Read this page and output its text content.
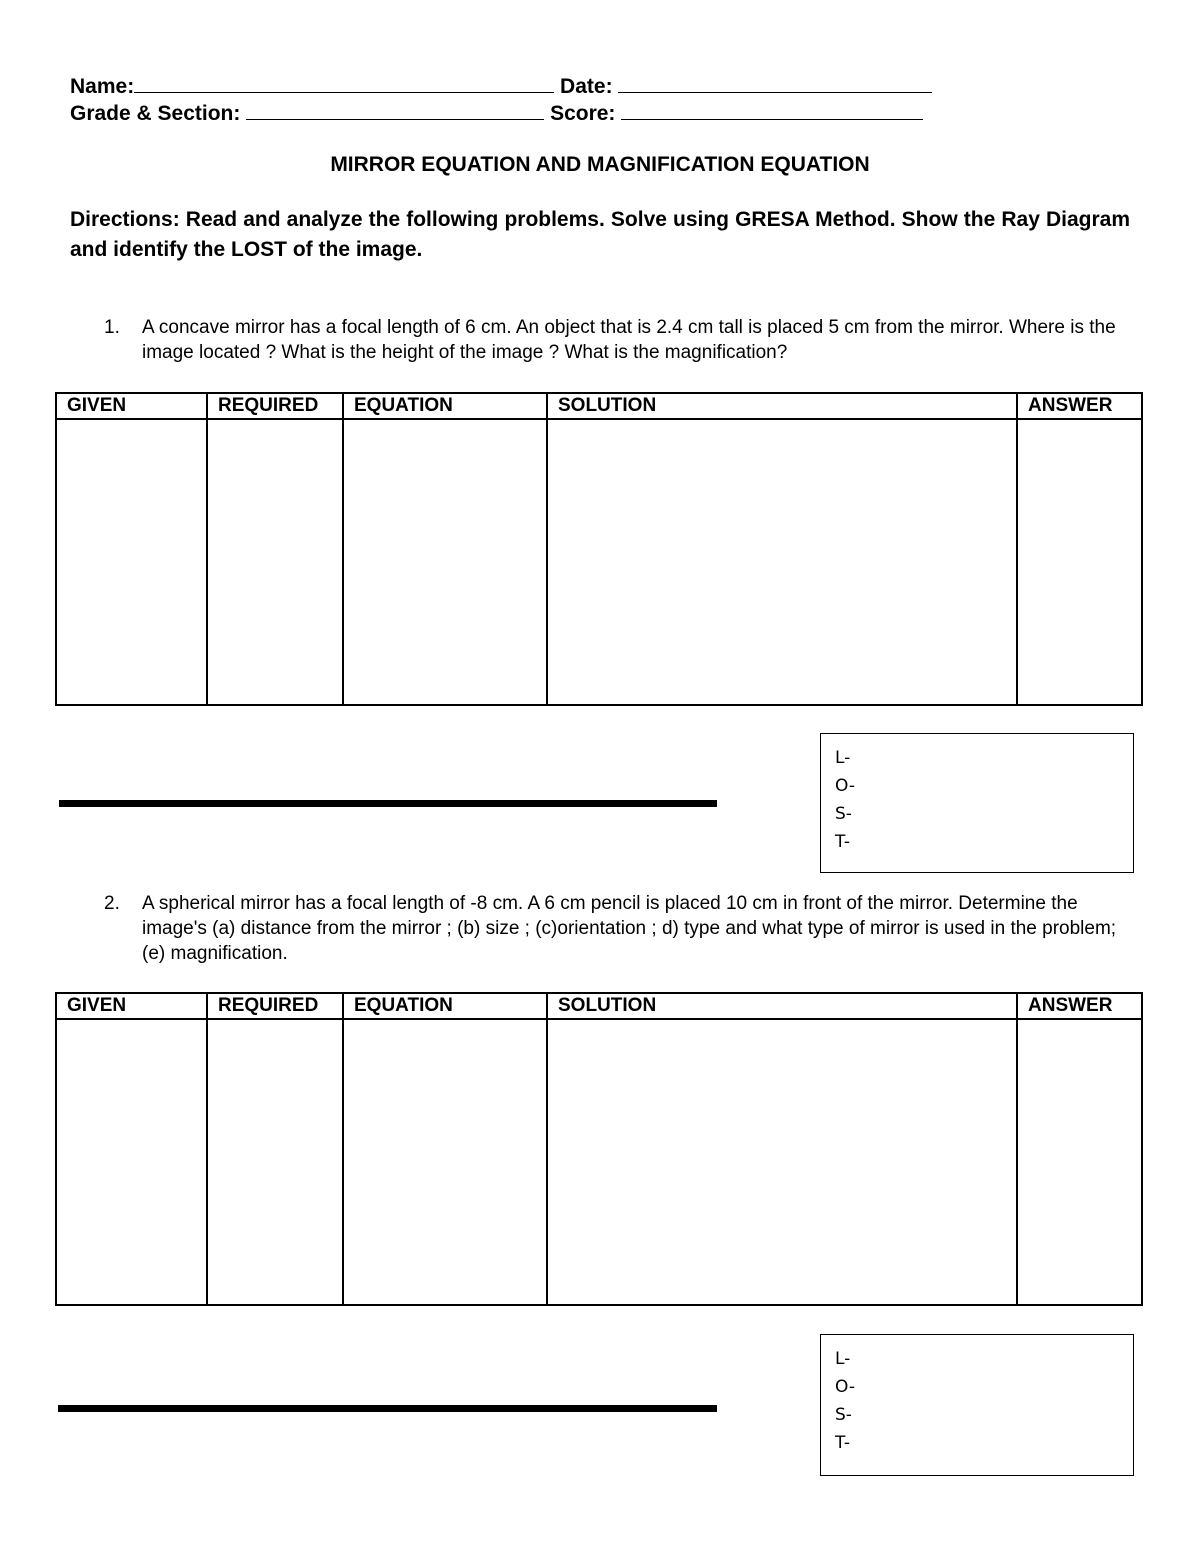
Name:	Date:
Grade & Section:	Score:
MIRROR EQUATION AND MAGNIFICATION EQUATION
Directions: Read and analyze the following problems. Solve using GRESA Method. Show the Ray Diagram and identify the LOST of the image.
1.	A concave mirror has a focal length of 6 cm. An object that is 2.4 cm tall is placed 5 cm from the mirror. Where is the image located ? What is the height of the image ? What is the magnification?
GIVEN	REQUIRED	EQUATION	SOLUTION	ANSWER

L-
O-
S-
T-
2.	A spherical mirror has a focal length of -8 cm. A 6 cm pencil is placed 10 cm in front of the mirror. Determine the image's (a) distance from the mirror ; (b) size ; (c)orientation ; d) type and what type of mirror is used in the problem; (e) magnification.
GIVEN	REQUIRED	EQUATION	SOLUTION	ANSWER

L-
O-
S-
T-
